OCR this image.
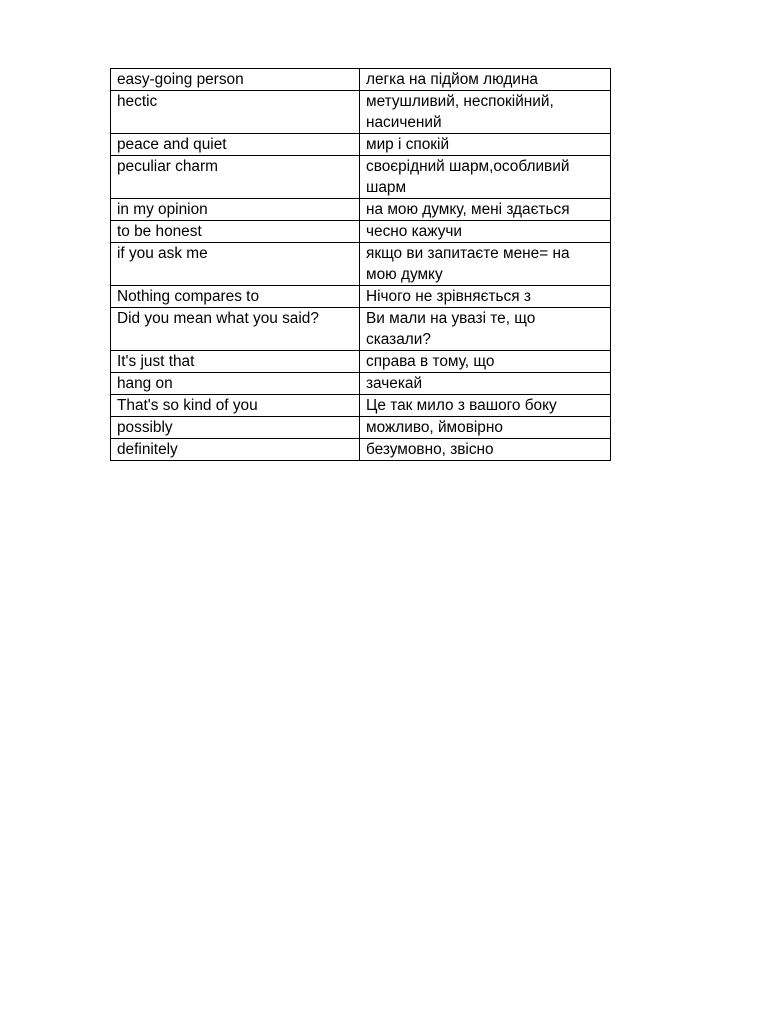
easy-going person	легка на підйом людина
hectic	метушливий, неспокійний, насичений
peace and quiet	мир і спокій
peculiar charm	своєрідний шарм,особливий шарм
in my opinion	на мою думку, мені здається
to be honest	чесно кажучи
if you ask me	якщо ви запитаєте мене= на мою думку
Nothing compares to	Нічого не зрівняється з
Did you mean what you said?	Ви мали на увазі те, що сказали?
It's just that	справа в тому, що
hang on	зачекай
That's so kind of you	Це так мило з вашого боку
possibly	можливо, ймовірно
definitely	безумовно, звісно
